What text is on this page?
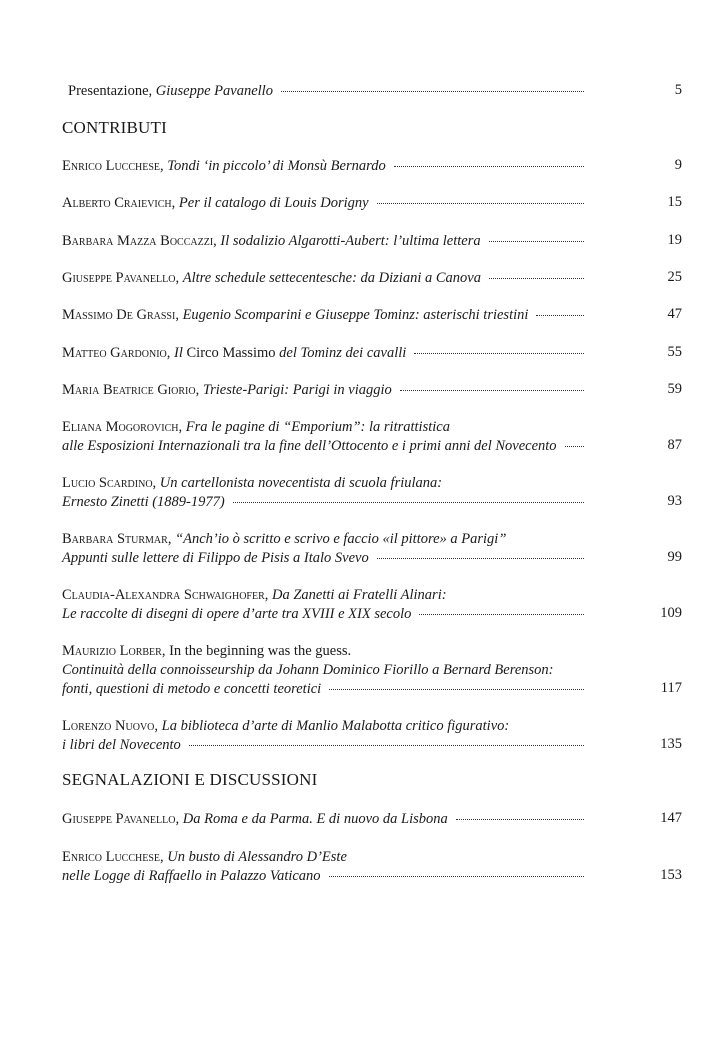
Presentazione,
Giuseppe Pavanello	5
CONTRIBUTI
Enrico Lucchese,
Tondi ‘in piccolo’ di Monsù Bernardo	9
Alberto Craievich,
Per il catalogo di Louis Dorigny	15
Barbara Mazza Boccazzi,
Il sodalizio Algarotti-Aubert: l’ultima lettera	19
Giuseppe Pavanello,
Altre schedule settecentesche: da Diziani a Canova	25
Massimo De Grassi,
Eugenio Scomparini e Giuseppe Tominz: asterischi triestini	47
Matteo Gardonio,
Il
Circo Massimo
del Tominz dei cavalli	55
Maria Beatrice Giorio,
Trieste-Parigi: Parigi in viaggio	59
Eliana Mogorovich,
Fra le pagine di “Emporium”: la ritrattistica
alle Esposizioni Internazionali tra la fine dell’Ottocento e i primi anni del Novecento	87
Lucio Scardino,
Un cartellonista novecentista di scuola friulana:
Ernesto Zinetti (1889-1977)	93
Barbara Sturmar,
“Anch’io ò scritto e scrivo e faccio «il pittore» a Parigi”
Appunti sulle lettere di Filippo de Pisis a Italo Svevo	99
Claudia-Alexandra Schwaighofer,
Da Zanetti ai Fratelli Alinari:
Le raccolte di disegni di opere d’arte tra XVIII e XIX secolo	109
Maurizio Lorber,
In the beginning was the guess.
Continuità della connoisseurship da Johann Dominico Fiorillo a Bernard Berenson:
fonti, questioni di metodo e concetti teoretici	117
Lorenzo Nuovo,
La biblioteca d’arte di Manlio Malabotta critico figurativo:
i libri del Novecento	135
SEGNALAZIONI E DISCUSSIONI
Giuseppe Pavanello,
Da Roma e da Parma. E di nuovo da Lisbona	147
Enrico Lucchese,
Un busto di Alessandro D’Este
nelle Logge di Raffaello in Palazzo Vaticano	153
